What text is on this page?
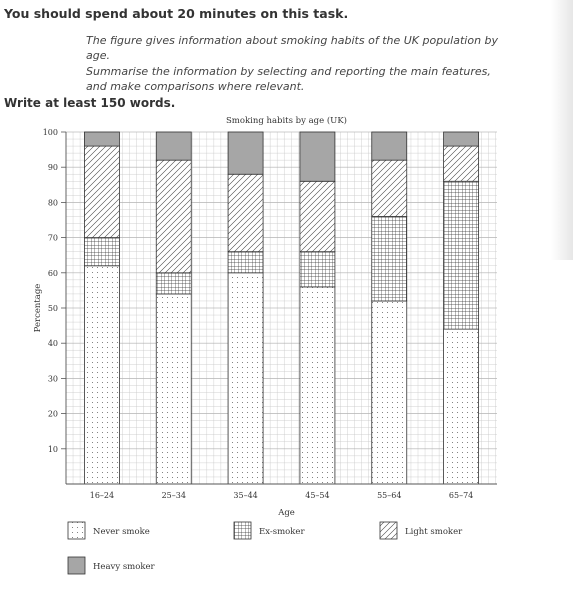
You should spend about 20 minutes on this task.

The figure gives information about smoking habits of the UK population by age.

Summarise the information by selecting and reporting the main features, and make comparisons where relevant.

Write at least 150 words.
Smoking habits by age (UK)
10
20
30
40
50
60
70
80
90
100
Percentage
16–24	25–34	35–44	45–54	55–64	65–74
Age
Never smoke	Ex-smoker	Light smoker
Heavy smoker
